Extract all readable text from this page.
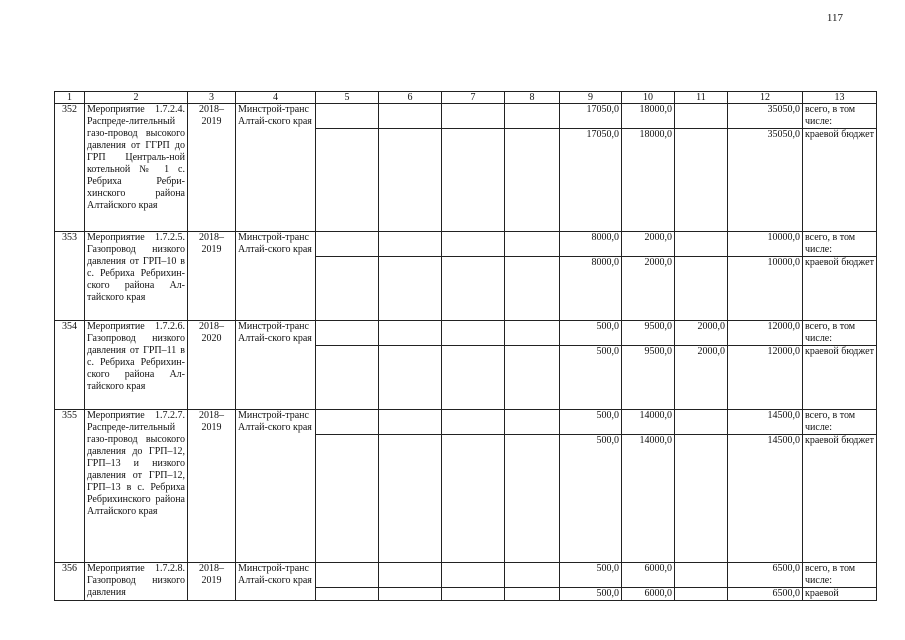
117
1	2	3	4	5	6	7	8	9	10	11	12	13
352	Мероприятие 1.7.2.4. Распреде-лительный газо-провод высокого давления от ГГРП до ГРП Централь-ной котельной № 1 с. Ребриха Ребри-хинского района Алтайского края	2018–2019	Минстрой-транс Алтай-ского края					17050,0	18000,0		35050,0	всего, в том числе:
								17050,0	18000,0		35050,0	краевой бюджет
353	Мероприятие 1.7.2.5. Газопровод низкого давления от ГРП–10 в с. Ребриха Ребрихин-ского района Ал-тайского края	2018–2019	Минстрой-транс Алтай-ского края					8000,0	2000,0		10000,0	всего, в том числе:
								8000,0	2000,0		10000,0	краевой бюджет
354	Мероприятие 1.7.2.6. Газопровод низкого давления от ГРП–11 в с. Ребриха Ребрихин-ского района Ал-тайского края	2018–2020	Минстрой-транс Алтай-ского края					500,0	9500,0	2000,0	12000,0	всего, в том числе:
								500,0	9500,0	2000,0	12000,0	краевой бюджет
355	Мероприятие 1.7.2.7. Распреде-лительный газо-провод высокого давления до ГРП–12, ГРП–13 и низкого давления от ГРП–12, ГРП–13 в с. Ребриха Ребрихинского района Алтайского края	2018–2019	Минстрой-транс Алтай-ского края					500,0	14000,0		14500,0	всего, в том числе:
								500,0	14000,0		14500,0	краевой бюджет
356	Мероприятие 1.7.2.8. Газопровод низкого давления	2018–2019	Минстрой-транс Алтай-ского края					500,0	6000,0		6500,0	всего, в том числе:
								500,0	6000,0		6500,0	краевой
